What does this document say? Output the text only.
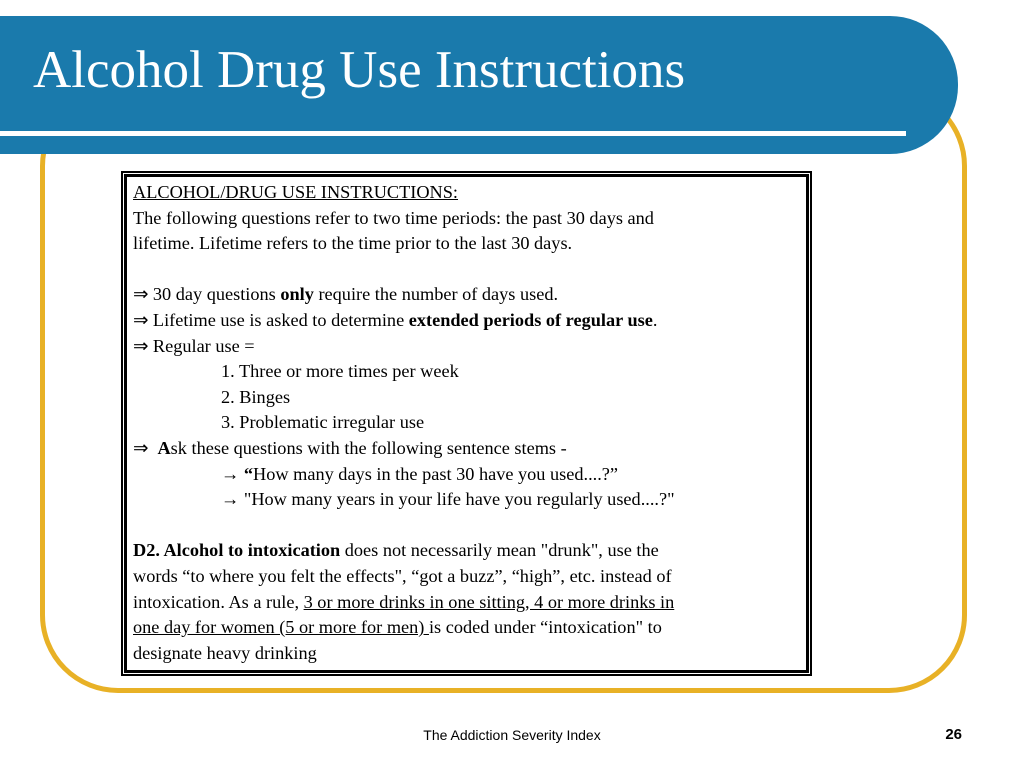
Alcohol Drug Use Instructions
ALCOHOL/DRUG USE INSTRUCTIONS:
The following questions refer to two time periods: the past 30 days and
lifetime. Lifetime refers to the time prior to the last 30 days.
⇒ 30 day questions only require the number of days used.
⇒ Lifetime use is asked to determine extended periods of regular use.
⇒ Regular use =
1. Three or more times per week
2. Binges
3. Problematic irregular use
⇒ Ask these questions with the following sentence stems -
→ “How many days in the past 30 have you used....?”
→ "How many years in your life have you regularly used....?"
D2. Alcohol to intoxication does not necessarily mean "drunk", use the
words “to where you felt the effects", “got a buzz”, “high”, etc. instead of
intoxication. As a rule, 3 or more drinks in one sitting, 4 or more drinks in
one day for women (5 or more for men) is coded under “intoxication" to
designate heavy drinking
The Addiction Severity Index	26
